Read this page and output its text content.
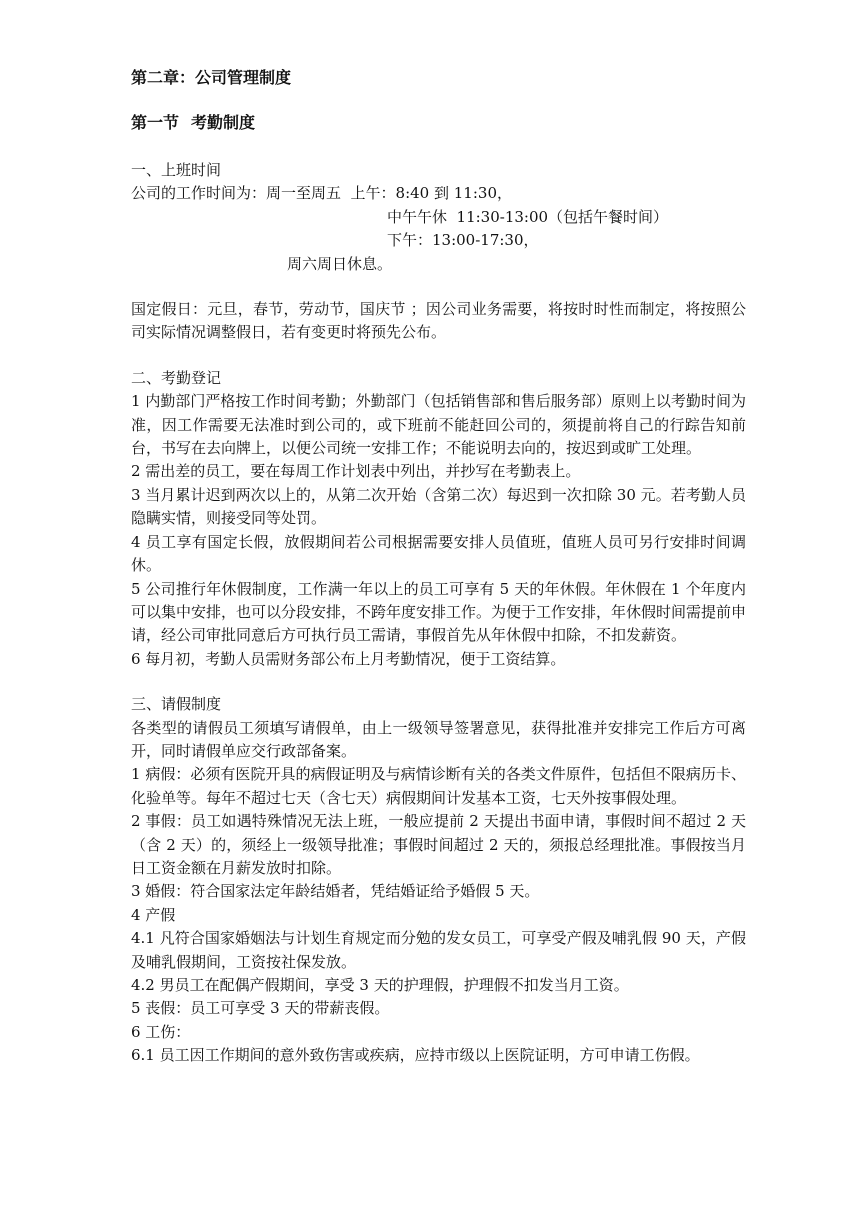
第二章：公司管理制度

第一节 考勤制度

一、上班时间

公司的工作时间为：周一至周五  上午：8:40 到 11:30，
中午午休  11:30-13:00（包括午餐时间）
下午：13:00-17:30，
周六周日休息。

国定假日：元旦，春节，劳动节，国庆节 ；因公司业务需要，将按时时性而制定，将按照公司实际情况调整假日，若有变更时将预先公布。

二、考勤登记

1 内勤部门严格按工作时间考勤；外勤部门（包括销售部和售后服务部）原则上以考勤时间为准，因工作需要无法准时到公司的，或下班前不能赶回公司的，须提前将自己的行踪告知前台，书写在去向牌上，以便公司统一安排工作；不能说明去向的，按迟到或旷工处理。

2 需出差的员工，要在每周工作计划表中列出，并抄写在考勤表上。

3 当月累计迟到两次以上的，从第二次开始（含第二次）每迟到一次扣除 30 元。若考勤人员隐瞒实情，则接受同等处罚。

4 员工享有国定长假，放假期间若公司根据需要安排人员值班，值班人员可另行安排时间调休。

5 公司推行年休假制度，工作满一年以上的员工可享有 5 天的年休假。年休假在 1 个年度内可以集中安排，也可以分段安排，不跨年度安排工作。为便于工作安排，年休假时间需提前申请，经公司审批同意后方可执行员工需请，事假首先从年休假中扣除，不扣发薪资。

6 每月初，考勤人员需财务部公布上月考勤情况，便于工资结算。

三、请假制度

各类型的请假员工须填写请假单，由上一级领导签署意见，获得批准并安排完工作后方可离开，同时请假单应交行政部备案。

1 病假：必须有医院开具的病假证明及与病情诊断有关的各类文件原件，包括但不限病历卡、化验单等。每年不超过七天（含七天）病假期间计发基本工资，七天外按事假处理。

2 事假：员工如遇特殊情况无法上班，一般应提前 2 天提出书面申请，事假时间不超过 2 天（含 2 天）的，须经上一级领导批准；事假时间超过 2 天的，须报总经理批准。事假按当月日工资金额在月薪发放时扣除。

3 婚假：符合国家法定年龄结婚者，凭结婚证给予婚假 5 天。

4 产假

4.1 凡符合国家婚姻法与计划生育规定而分勉的发女员工，可享受产假及哺乳假 90 天，产假及哺乳假期间，工资按社保发放。

4.2 男员工在配偶产假期间，享受 3 天的护理假，护理假不扣发当月工资。

5 丧假：员工可享受 3 天的带薪丧假。

6 工伤：

6.1 员工因工作期间的意外致伤害或疾病，应持市级以上医院证明，方可申请工伤假。
